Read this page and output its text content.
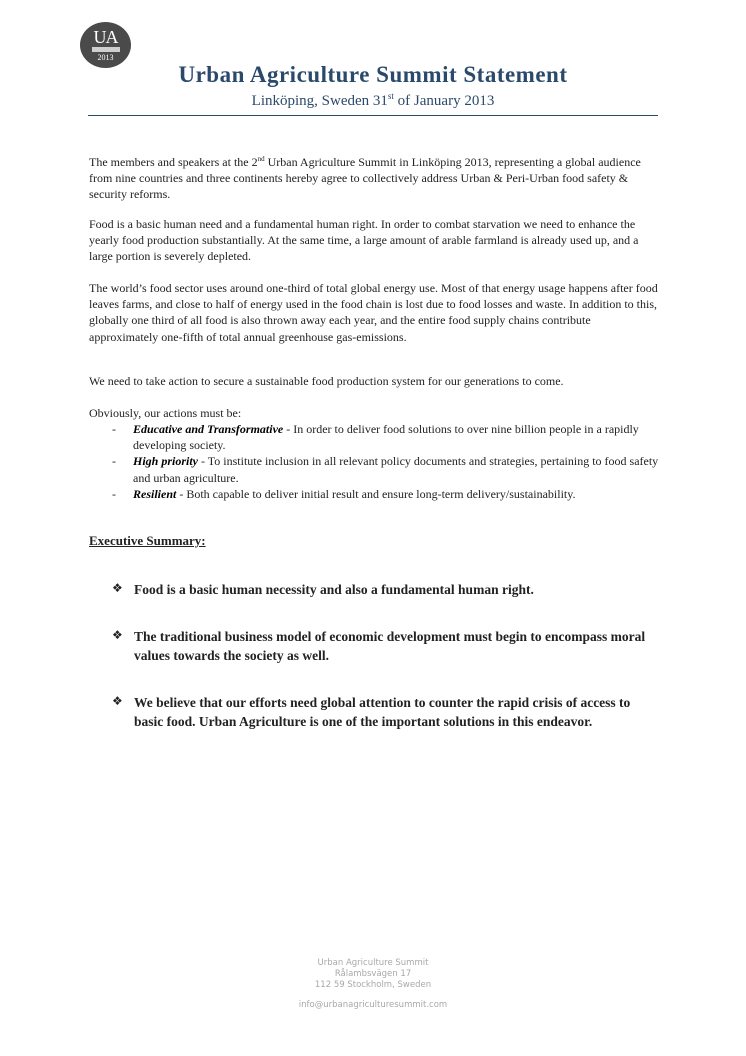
UA
2013
Urban Agriculture Summit Statement
Linköping, Sweden 31st of January 2013
The members and speakers at the 2nd Urban Agriculture Summit in Linköping 2013, representing a global audience from nine countries and three continents hereby agree to collectively address Urban & Peri-Urban food safety & security reforms.
Food is a basic human need and a fundamental human right. In order to combat starvation we need to enhance the yearly food production substantially. At the same time, a large amount of arable farmland is already used up, and a large portion is severely depleted.
The world’s food sector uses around one-third of total global energy use. Most of that energy usage happens after food leaves farms, and close to half of energy used in the food chain is lost due to food losses and waste. In addition to this, globally one third of all food is also thrown away each year, and the entire food supply chains contribute approximately one-fifth of total annual greenhouse gas-emissions.
We need to take action to secure a sustainable food production system for our generations to come.
Obviously, our actions must be:
- Educative and Transformative - In order to deliver food solutions to over nine billion people in a rapidly developing society.
- High priority - To institute inclusion in all relevant policy documents and strategies, pertaining to food safety and urban agriculture.
- Resilient - Both capable to deliver initial result and ensure long-term delivery/sustainability.
Executive Summary:
❖ Food is a basic human necessity and also a fundamental human right.
❖ The traditional business model of economic development must begin to encompass moral values towards the society as well.
❖ We believe that our efforts need global attention to counter the rapid crisis of access to basic food. Urban Agriculture is one of the important solutions in this endeavor.
Urban Agriculture Summit
Rålambsvägen 17
112 59 Stockholm, Sweden
info@urbanagriculturesummit.com
